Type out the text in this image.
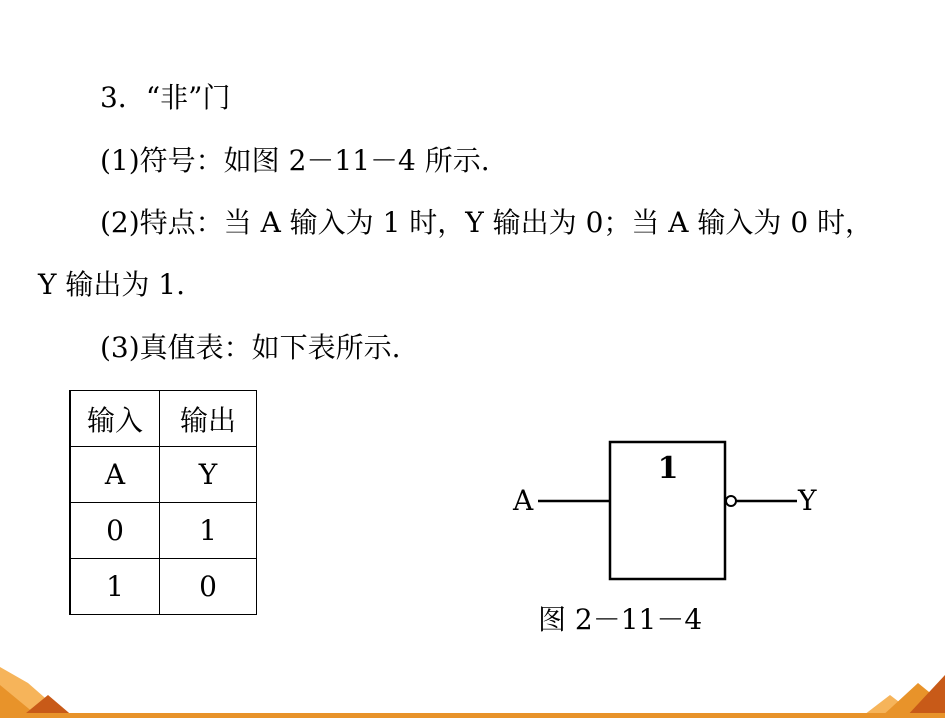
3．“非”门
(1)符号：如图 2－11－4 所示.
(2)特点：当 A 输入为 1 时，Y 输出为 0；当 A 输入为 0 时，
Y 输出为 1.
(3)真值表：如下表所示.
输入	输出
A	Y
0	1
1	0
A
1
Y
图 2－11－4
